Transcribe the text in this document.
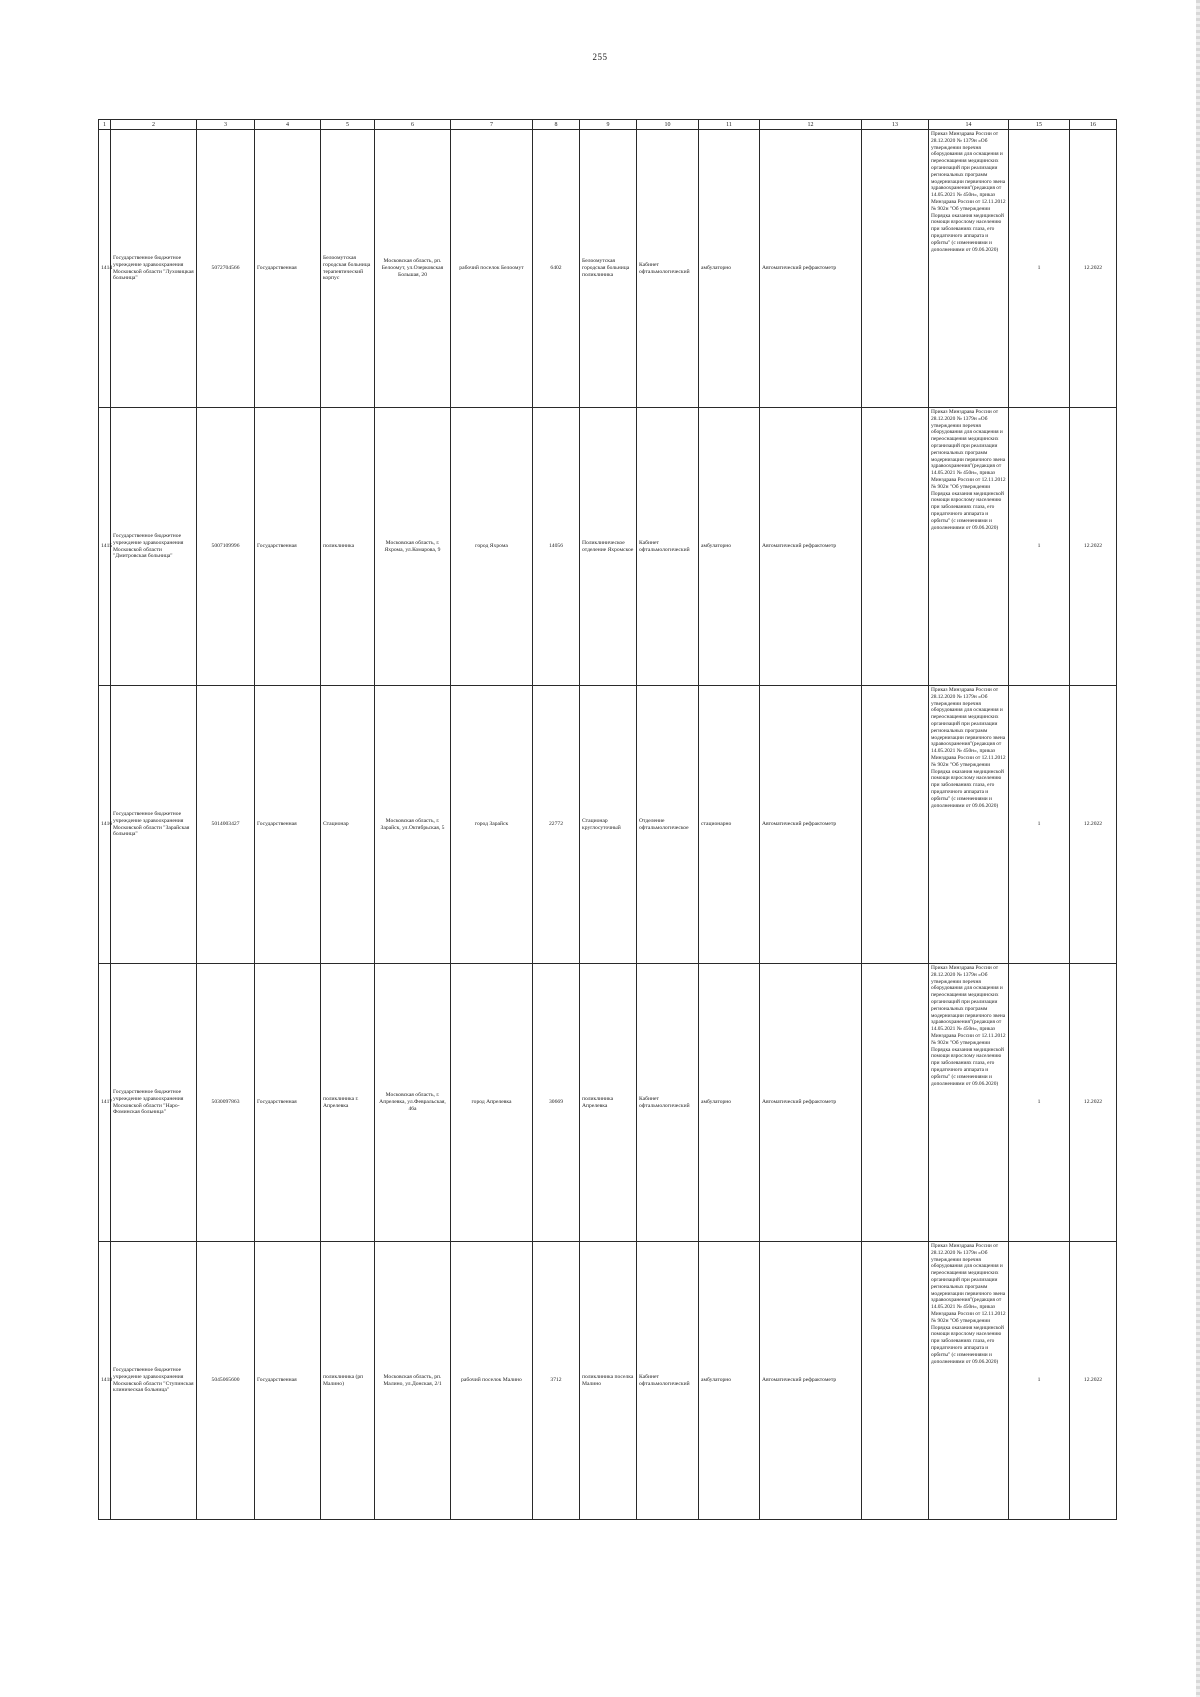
255
1	2	3	4	5	6	7	8	9	10	11	12	13	14	15	16
1414	Государственное бюджетное учреждение здравоохранения Московской области "Луховицкая больница"	5072704566	Государственная	Белоомутская городская больница терапевтический корпус	Московская область, рп. Белоомут, ул.Озерковская Большая, 20	рабочий поселок Белоомут	6402	Белоомутская городская больница поликлиника	Кабинет офтальмологический	амбулаторно	Автоматический рефрактометр		Приказ Минздрава России от 28.12.2020 № 1379н «Об утверждении перечня оборудования для оснащения и переоснащения медицинских организаций при реализации региональных программ модернизации первичного звена здравоохранения"(редакция от 14.05.2021 № 450н», приказ Минздрава России от 12.11.2012 № 902н "Об утверждении Порядка оказания медицинской помощи взрослому населению при заболеваниях глаза, его придаточного аппарата и орбиты" (с изменениями и дополнениями от 09.06.2020)	1	12.2022
1415	Государственное бюджетное учреждение здравоохранения Московской области "Дмитровская больница"	5007109996	Государственная	поликлиника	Московская область, г. Яхрома, ул.Комарова, 9	город Яхрома	14056	Поликлиническое отделение Яхромское	Кабинет офтальмологический	амбулаторно	Автоматический рефрактометр		Приказ Минздрава России от 28.12.2020 № 1379н «Об утверждении перечня оборудования для оснащения и переоснащения медицинских организаций при реализации региональных программ модернизации первичного звена здравоохранения"(редакция от 14.05.2021 № 450н», приказ Минздрава России от 12.11.2012 № 902н "Об утверждении Порядка оказания медицинской помощи взрослому населению при заболеваниях глаза, его придаточного аппарата и орбиты" (с изменениями и дополнениями от 09.06.2020)	1	12.2022
1416	Государственное бюджетное учреждение здравоохранения Московской области "Зарайская больница"	5014003427	Государственная	Стационар	Московская область, г. Зарайск, ул.Октябрьская, 5	город Зарайск	22772	Стационар круглосуточный	Отделение офтальмологическое	стационарно	Автоматический рефрактометр		Приказ Минздрава России от 28.12.2020 № 1379н «Об утверждении перечня оборудования для оснащения и переоснащения медицинских организаций при реализации региональных программ модернизации первичного звена здравоохранения"(редакция от 14.05.2021 № 450н», приказ Минздрава России от 12.11.2012 № 902н "Об утверждении Порядка оказания медицинской помощи взрослому населению при заболеваниях глаза, его придаточного аппарата и орбиты" (с изменениями и дополнениями от 09.06.2020)	1	12.2022
1417	Государственное бюджетное учреждение здравоохранения Московской области "Наро-Фоминская больница"	5030097863	Государственная	поликлиника г. Апрелевка	Московская область, г. Апрелевка, ул.Февральская, 46а	город Апрелевка	30669	поликлиника Апрелевка	Кабинет офтальмологический	амбулаторно	Автоматический рефрактометр		Приказ Минздрава России от 28.12.2020 № 1379н «Об утверждении перечня оборудования для оснащения и переоснащения медицинских организаций при реализации региональных программ модернизации первичного звена здравоохранения"(редакция от 14.05.2021 № 450н», приказ Минздрава России от 12.11.2012 № 902н "Об утверждении Порядка оказания медицинской помощи взрослому населению при заболеваниях глаза, его придаточного аппарата и орбиты" (с изменениями и дополнениями от 09.06.2020)	1	12.2022
1418	Государственное бюджетное учреждение здравоохранения Московской области "Ступинская клиническая больница"	5045065600	Государственная	поликлиника (рп Малино)	Московская область, рп. Малино, ул.Донская, 2/1	рабочий поселок Малино	3712	поликлиника поселка Малино	Кабинет офтальмологический	амбулаторно	Автоматический рефрактометр		Приказ Минздрава России от 28.12.2020 № 1379н «Об утверждении перечня оборудования для оснащения и переоснащения медицинских организаций при реализации региональных программ модернизации первичного звена здравоохранения"(редакция от 14.05.2021 № 450н», приказ Минздрава России от 12.11.2012 № 902н "Об утверждении Порядка оказания медицинской помощи взрослому населению при заболеваниях глаза, его придаточного аппарата и орбиты" (с изменениями и дополнениями от 09.06.2020)	1	12.2022
